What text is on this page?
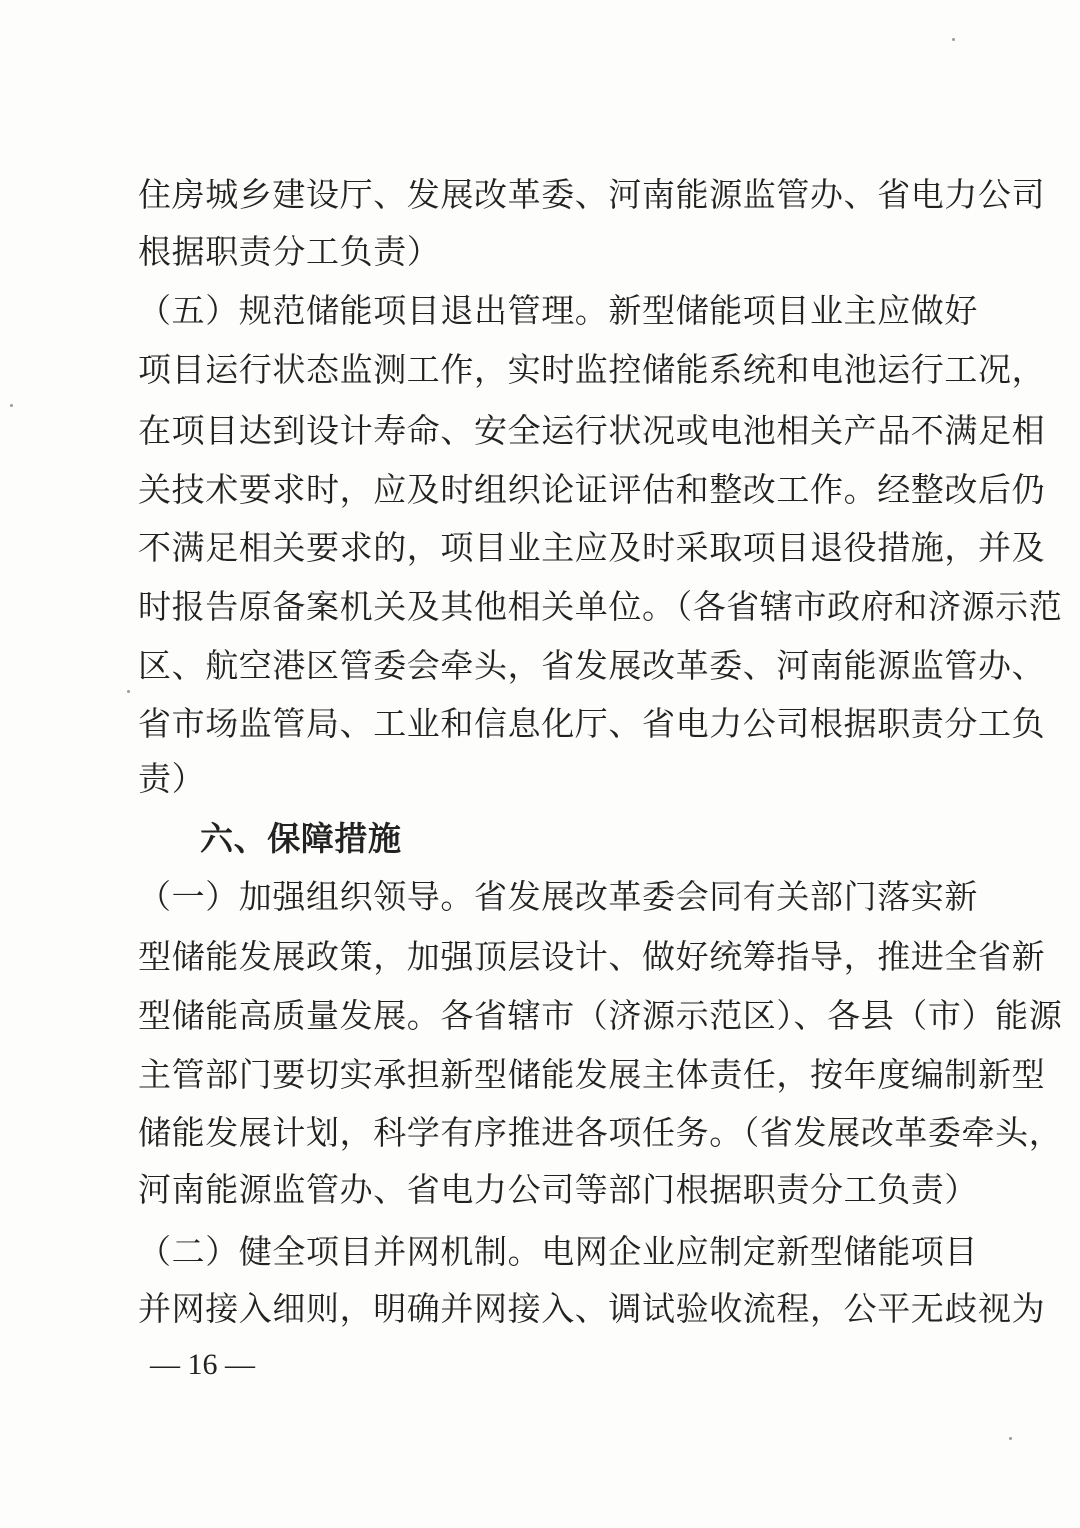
住房城乡建设厅、发展改革委、河南能源监管办、省电力公司
根据职责分工负责）
（五）规范储能项目退出管理。新型储能项目业主应做好
项目运行状态监测工作，实时监控储能系统和电池运行工况，
在项目达到设计寿命、安全运行状况或电池相关产品不满足相
关技术要求时，应及时组织论证评估和整改工作。经整改后仍
不满足相关要求的，项目业主应及时采取项目退役措施，并及
时报告原备案机关及其他相关单位。（各省辖市政府和济源示范
区、航空港区管委会牵头，省发展改革委、河南能源监管办、
省市场监管局、工业和信息化厅、省电力公司根据职责分工负
责）
六、保障措施
（一）加强组织领导。省发展改革委会同有关部门落实新
型储能发展政策，加强顶层设计、做好统筹指导，推进全省新
型储能高质量发展。各省辖市（济源示范区）、各县（市）能源
主管部门要切实承担新型储能发展主体责任，按年度编制新型
储能发展计划，科学有序推进各项任务。（省发展改革委牵头，
河南能源监管办、省电力公司等部门根据职责分工负责）
（二）健全项目并网机制。电网企业应制定新型储能项目
并网接入细则，明确并网接入、调试验收流程，公平无歧视为
— 16 —
